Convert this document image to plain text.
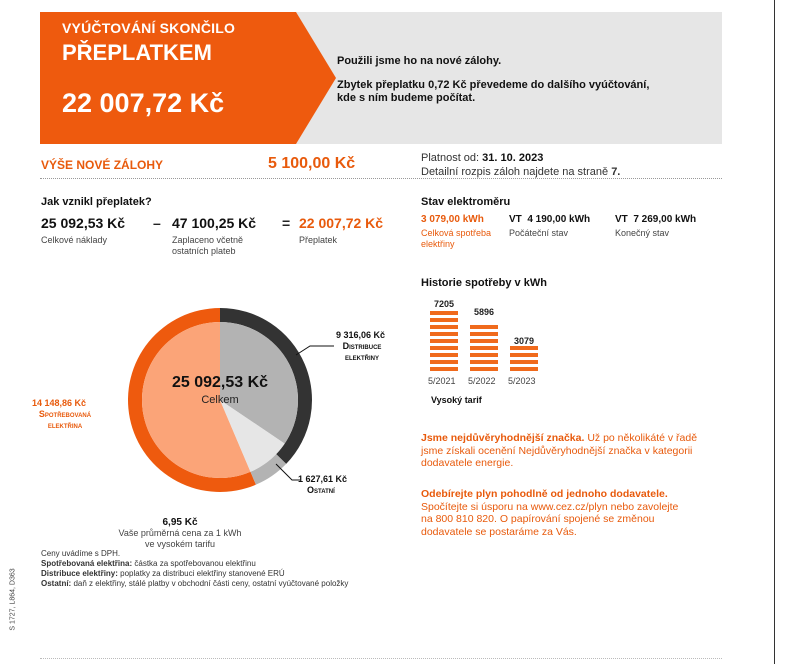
VYÚČTOVÁNÍ SKONČILO
PŘEPLATKEM
22 007,72 Kč
Použili jsme ho na nové zálohy.
Zbytek přeplatku 0,72 Kč převedeme do dalšího vyúčtování,
kde s ním budeme počítat.
VÝŠE NOVÉ ZÁLOHY	5 100,00 Kč	Platnost od: 31. 10. 2023
Detailní rozpis záloh najdete na straně 7.
Jak vznikl přeplatek?
25 092,53 Kč
Celkové náklady
– 47 100,25 Kč
Zaplaceno včetně
ostatních plateb
= 22 007,72 Kč
Přeplatek
Stav elektroměru
3 079,00 kWh
Celková spotřeba
elektřiny
VT 4 190,00 kWh
Počáteční stav
VT 7 269,00 kWh
Konečný stav
Historie spotřeby v kWh
7205
5/2021
5896
5/2022
3079
5/2023
Vysoký tarif
25 092,53 Kč
Celkem
9 316,06 Kč
Distribuce
elektřiny
14 148,86 Kč
Spotřebovaná
elektřina
1 627,61 Kč
Ostatní
6,95 Kč
Vaše průměrná cena za 1 kWh
ve vysokém tarifu
Ceny uvádíme s DPH.
Spotřebovaná elektřina: částka za spotřebovanou elektřinu
Distribuce elektřiny: poplatky za distribuci elektřiny stanovené ERÚ
Ostatní: daň z elektřiny, stálé platby v obchodní části ceny, ostatní vyúčtované položky
S 1727, L864, D363
Jsme nejdůvěryhodnější značka. Už po několikáté v řadě
jsme získali ocenění Nejdůvěryhodnější značka v kategorii
dodavatele energie.
Odebírejte plyn pohodlně od jednoho dodavatele.
Spočítejte si úsporu na www.cez.cz/plyn nebo zavolejte
na 800 810 820. O papírování spojené se změnou
dodavatele se postaráme za Vás.
